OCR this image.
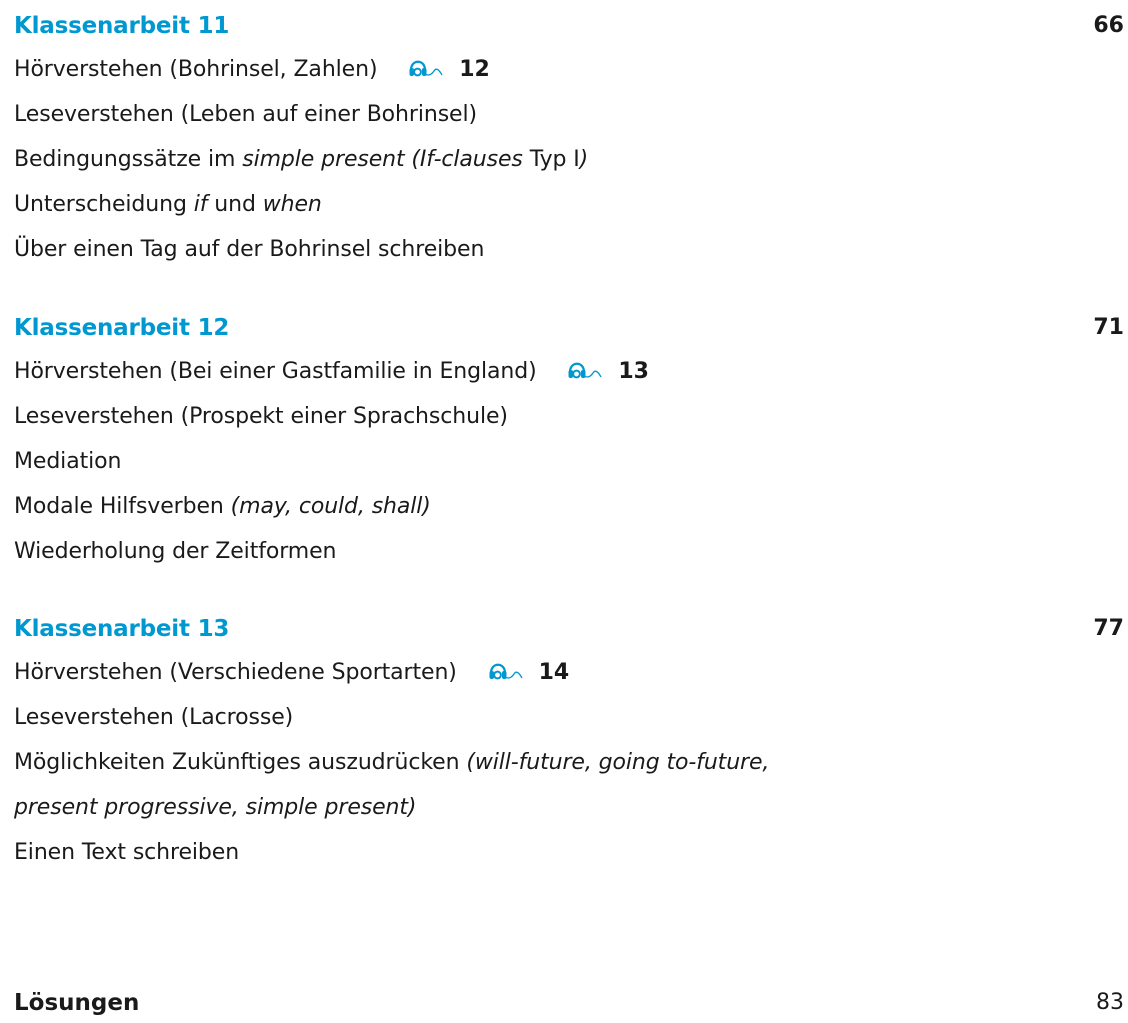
Klassenarbeit 11	66
Hörverstehen (Bohrinsel, Zahlen)	12
Leseverstehen (Leben auf einer Bohrinsel)
Bedingungssätze im simple present (If-clauses Typ I)
Unterscheidung if und when
Über einen Tag auf der Bohrinsel schreiben
Klassenarbeit 12	71
Hörverstehen (Bei einer Gastfamilie in England)	13
Leseverstehen (Prospekt einer Sprachschule)
Mediation
Modale Hilfsverben (may, could, shall)
Wiederholung der Zeitformen
Klassenarbeit 13	77
Hörverstehen (Verschiedene Sportarten)	14
Leseverstehen (Lacrosse)
Möglichkeiten Zukünftiges auszudrücken (will-future, going to-future,
present progressive, simple present)
Einen Text schreiben
Lösungen	83
